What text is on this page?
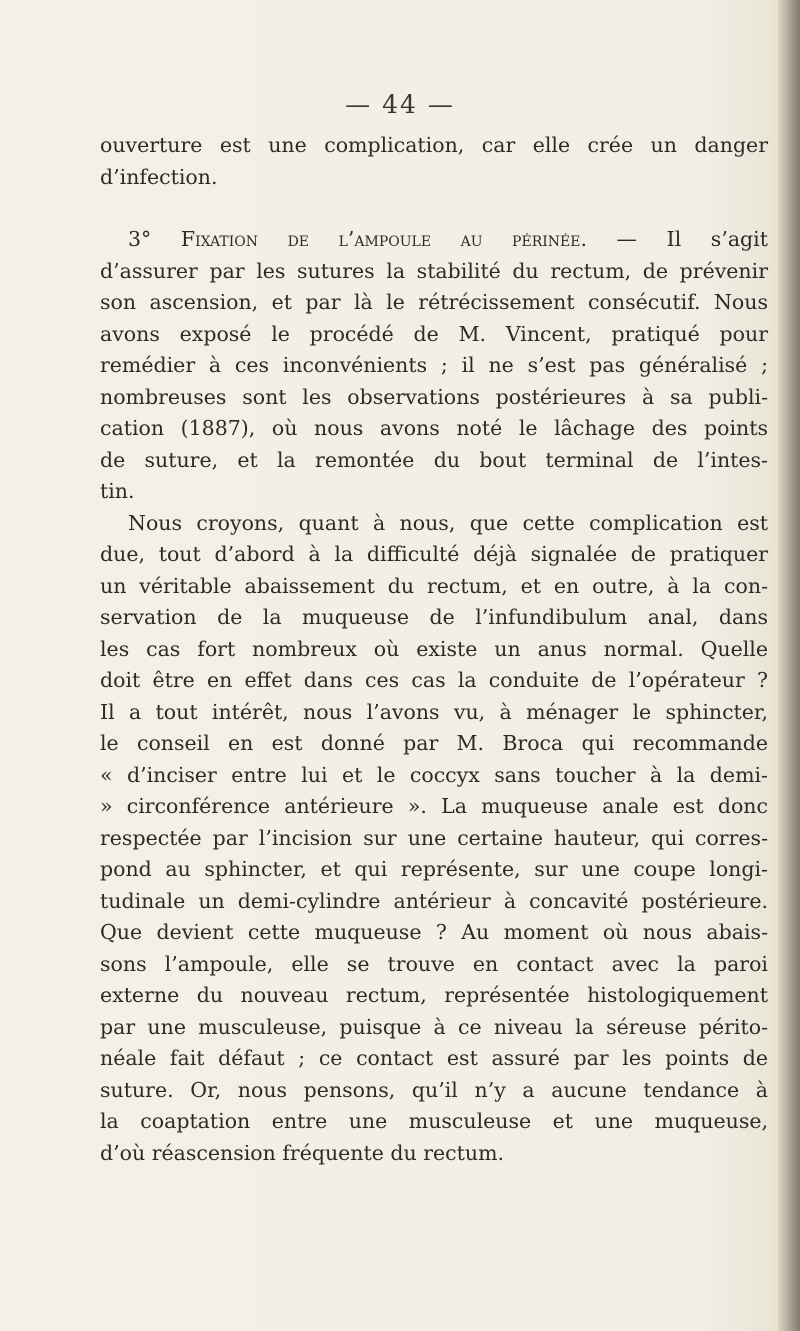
— 44 —
ouverture est une complication, car elle crée un danger
d’infection.
3° Fixation de l’ampoule au périnée. — Il s’agit
d’assurer par les sutures la stabilité du rectum, de prévenir
son ascension, et par là le rétrécissement consécutif. Nous
avons exposé le procédé de M. Vincent, pratiqué pour
remédier à ces inconvénients ; il ne s’est pas généralisé ;
nombreuses sont les observations postérieures à sa publi-
cation (1887), où nous avons noté le lâchage des points
de suture, et la remontée du bout terminal de l’intes-
tin.
Nous croyons, quant à nous, que cette complication est
due, tout d’abord à la difficulté déjà signalée de pratiquer
un véritable abaissement du rectum, et en outre, à la con-
servation de la muqueuse de l’infundibulum anal, dans
les cas fort nombreux où existe un anus normal. Quelle
doit être en effet dans ces cas la conduite de l’opérateur ?
Il a tout intérêt, nous l’avons vu, à ménager le sphincter,
le conseil en est donné par M. Broca qui recommande
« d’inciser entre lui et le coccyx sans toucher à la demi-
» circonférence antérieure ». La muqueuse anale est donc
respectée par l’incision sur une certaine hauteur, qui corres-
pond au sphincter, et qui représente, sur une coupe longi-
tudinale un demi-cylindre antérieur à concavité postérieure.
Que devient cette muqueuse ? Au moment où nous abais-
sons l’ampoule, elle se trouve en contact avec la paroi
externe du nouveau rectum, représentée histologiquement
par une musculeuse, puisque à ce niveau la séreuse périto-
néale fait défaut ; ce contact est assuré par les points de
suture. Or, nous pensons, qu’il n’y a aucune tendance à
la coaptation entre une musculeuse et une muqueuse,
d’où réascension fréquente du rectum.
